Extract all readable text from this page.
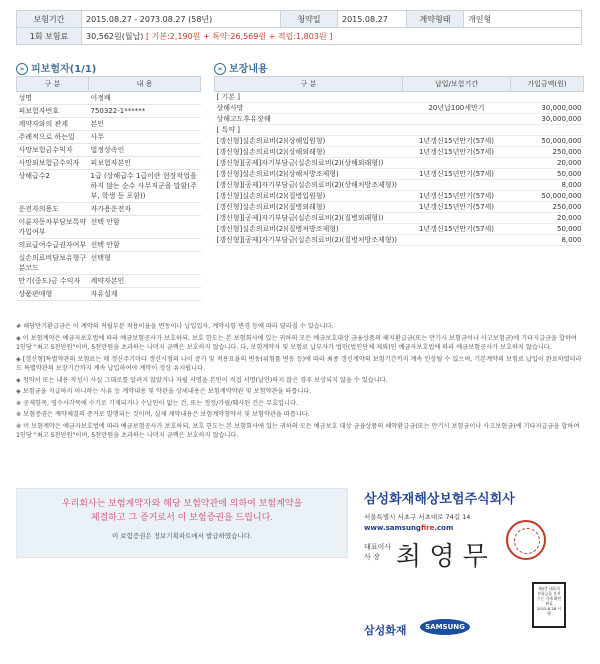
보험기간	2015.08.27 - 2073.08.27 (58년)	청약일	2015.08.27	계약형태	개인형
1회 보험료	30,562원(월납) [ 기본:2,190원 + 특약:26,569원 + 적립:1,803원 ]				
» 피보험자(1/1)	» 보장내용
구 분	내 용
성명	이정배
피보험자번호	750322-1******
계약자와의 관계	본인
주례적으로 하는일	사무
사망보험금수익자	법정상속인
사망외보험금수익자	피보험자본인
상해급수2	1급 (상해급수 1급이란 현장작업을 하지 않는 순수 사무직군을 말함(주부, 학생 등 포함))
운전자의용도	자가용운전자
이륜자동차부담보특약가입여부	선택 안함
의료급여수급권자여부	선택 안함
실손의료비담보유형구분코드	선택형
만기(중도)금 수익자	계약자본인
상품판매형	자유설계
구 분	납입/보험기간	가입금액(원)
[ 기본 ]		
상해사망	20년납100세만기	30,000,000
상해고도후유장해		30,000,000
[ 특약 ]		
[갱신형]실손의료비(2)(상해입원형)	1년갱신15년만기(57세)	50,000,000
[갱신형]실손의료비(2)(상해외래형)	1년갱신15년만기(57세)	250,000
[갱신형][공제]자기부담금(실손의료비(2)(상해외래형))		20,000
[갱신형]실손의료비(2)(상해처방조제형)	1년갱신15년만기(57세)	50,000
[갱신형][공제]자기부담금(실손의료비(2)(상해처방조제형))		8,000
[갱신형]실손의료비(2)(질병입원형)	1년갱신15년만기(57세)	50,000,000
[갱신형]실손의료비(2)(질병외래형)	1년갱신15년만기(57세)	250,000
[갱신형][공제]자기부담금(실손의료비(2)(질병외래형))		20,000
[갱신형]실손의료비(2)(질병처방조제형)	1년갱신15년만기(57세)	50,000
[갱신형][공제]자기부담금(실손의료비(2)(질병처방조제형))		8,000

# 해당만기환급금은 이 계약의 적립부분 적용이율을 변동이나 납입입자, 계약사항 변경 등에 따라 달라질 수 있습니다.

◈ 이 보험계약은 예금자보호법에 따라 예금보험공사가 보호하되, 보호 한도는 본 보험회사에 있는 귀하의 모든 예금보호대상 금융상품의 해지환급금(또는 만기시 보험금이나 사고보험금)에 기타지급금을 합하여 1인당 "최고 5천만원"이며, 5천만원을 초과하는 나머지 금액은 보호하지 않습니다. 다, 보험계약자 및 보험료 납부자가 법인(법인단체 제외)인 예금자보호법에 따라 예금보험공사가 보호하지 않습니다.

◈ [갱신형]특별약관의 보험료는 매 갱신주기마다 갱신시점의 나이 증가 및 적용요율의 변동(위험률 변동 등)에 따라 최종 갱신계약의 보험기간까지 계속 인상될 수 있으며, 기본계약의 보험료 납입이 완료하였더라도 특별약관의 보장기간까지 계속 납입하여야 계약이 정상 유지됩니다.

◈ 청약서 또는 내용 작성시 사실 그대로를 알려지 않았거나 자필 서명을 본인이 직접 서명(날인)하지 않은 경우 보상되지 않을 수 있습니다.

◈ 보험금을 지급하지 아니하는 사유 등 계약내용 및 약관을 상세내용은 보험계약약관 및 보험약관을 따릅니다.

※ 공제항목, 영수사각목에 수기로 기재되거나 수납인이 없는 건, 또는 정정/가필/훼사된 건은 무효입니다.

※ 보험증권은 계약체결의 증거로 발행되는 것이며, 실제 계약내용은 보험계약청약서 및 보험약관을 따릅니다.

※ 이 보험계약은 예금자보호법에 따라 예금보험공사가 보호하되, 보호 한도는 본 보험회사에 있는 귀하의 모든 예금보호 대상 금융상품의 해약환급금(또는 만기시 보험금이나 사고보험금)에 기타지급금을 합하여 1인당 "최고 5천만원"이며, 5천만원을 초과하는 나머지 금액은 보호하지 않습니다.

우리회사는 보험계약자와 해당 보험약관에 의하여 보험계약을
체결하고 그 증거로서 이 보험증권을 드립니다.
이 보험증권은 정보기획파트에서 발급하였습니다.
삼성화재해상보험주식회사
서울특별시 서초구 서초대로 74길 14
www.samsungfire.com
대표이사
사 장 최 영 무
삼성화재	SAMSUNG
제3층 대표의 보험금을 문서 수는 가게 확인완료 2015.8.28 시행
